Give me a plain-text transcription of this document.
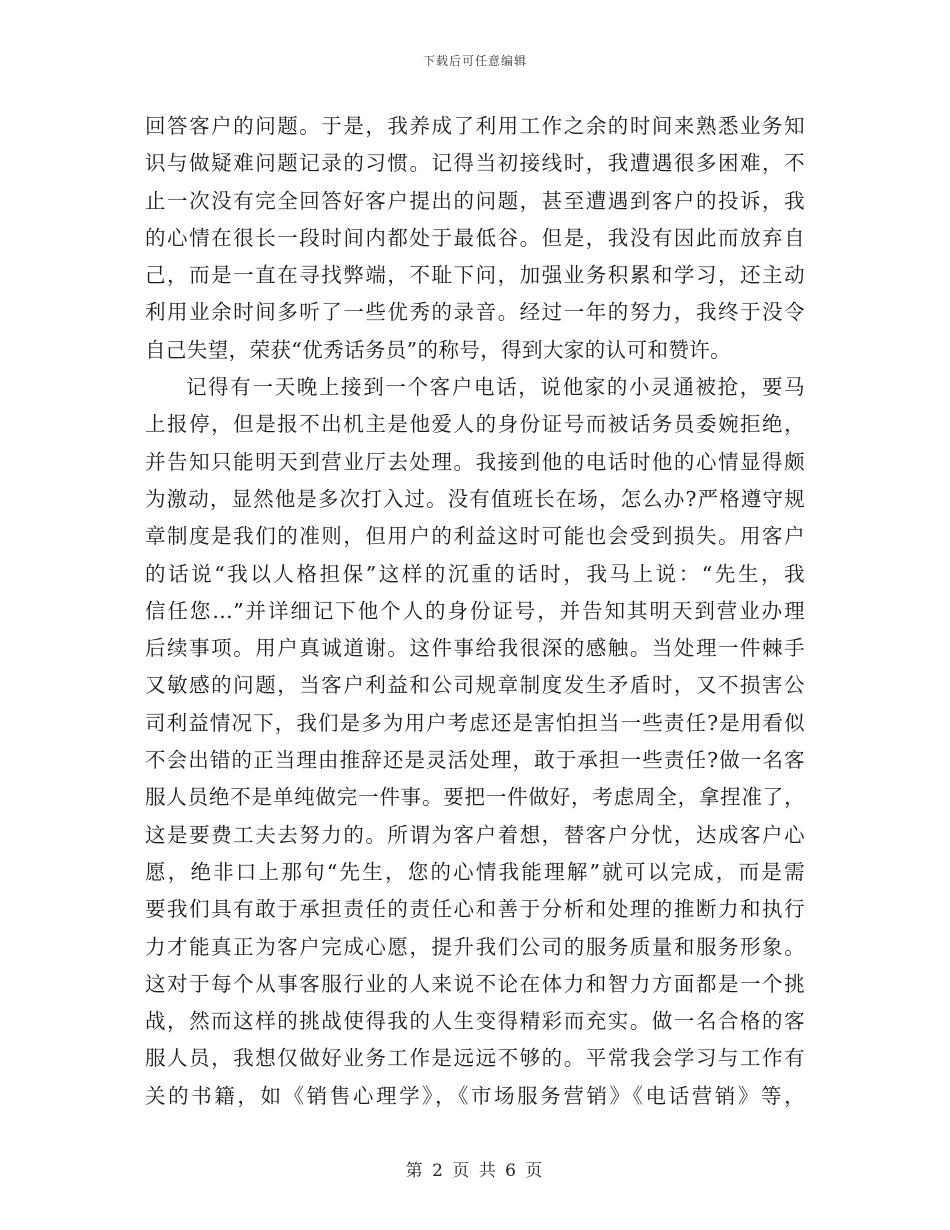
下载后可任意编辑
回答客户的问题。于是，我养成了利用工作之余的时间来熟悉业务知
识与做疑难问题记录的习惯。记得当初接线时，我遭遇很多困难，不
止一次没有完全回答好客户提出的问题，甚至遭遇到客户的投诉，我
的心情在很长一段时间内都处于最低谷。但是，我没有因此而放弃自
己，而是一直在寻找弊端，不耻下问，加强业务积累和学习，还主动
利用业余时间多听了一些优秀的录音。经过一年的努力，我终于没令
自己失望，荣获“优秀话务员”的称号，得到大家的认可和赞许。
记得有一天晚上接到一个客户电话，说他家的小灵通被抢，要马
上报停，但是报不出机主是他爱人的身份证号而被话务员委婉拒绝，
并告知只能明天到营业厅去处理。我接到他的电话时他的心情显得颇
为激动，显然他是多次打入过。没有值班长在场，怎么办?严格遵守规
章制度是我们的准则，但用户的利益这时可能也会受到损失。用客户
的话说“我以人格担保”这样的沉重的话时，我马上说：“先生，我
信任您...”并详细记下他个人的身份证号，并告知其明天到营业办理
后续事项。用户真诚道谢。这件事给我很深的感触。当处理一件棘手
又敏感的问题，当客户利益和公司规章制度发生矛盾时，又不损害公
司利益情况下，我们是多为用户考虑还是害怕担当一些责任?是用看似
不会出错的正当理由推辞还是灵活处理，敢于承担一些责任?做一名客
服人员绝不是单纯做完一件事。要把一件做好，考虑周全，拿捏准了，
这是要费工夫去努力的。所谓为客户着想，替客户分忧，达成客户心
愿，绝非口上那句“先生，您的心情我能理解”就可以完成，而是需
要我们具有敢于承担责任的责任心和善于分析和处理的推断力和执行
力才能真正为客户完成心愿，提升我们公司的服务质量和服务形象。
这对于每个从事客服行业的人来说不论在体力和智力方面都是一个挑
战，然而这样的挑战使得我的人生变得精彩而充实。做一名合格的客
服人员，我想仅做好业务工作是远远不够的。平常我会学习与工作有
关的书籍，如《销售心理学》，《市场服务营销》《电话营销》等，
第 2 页 共 6 页
